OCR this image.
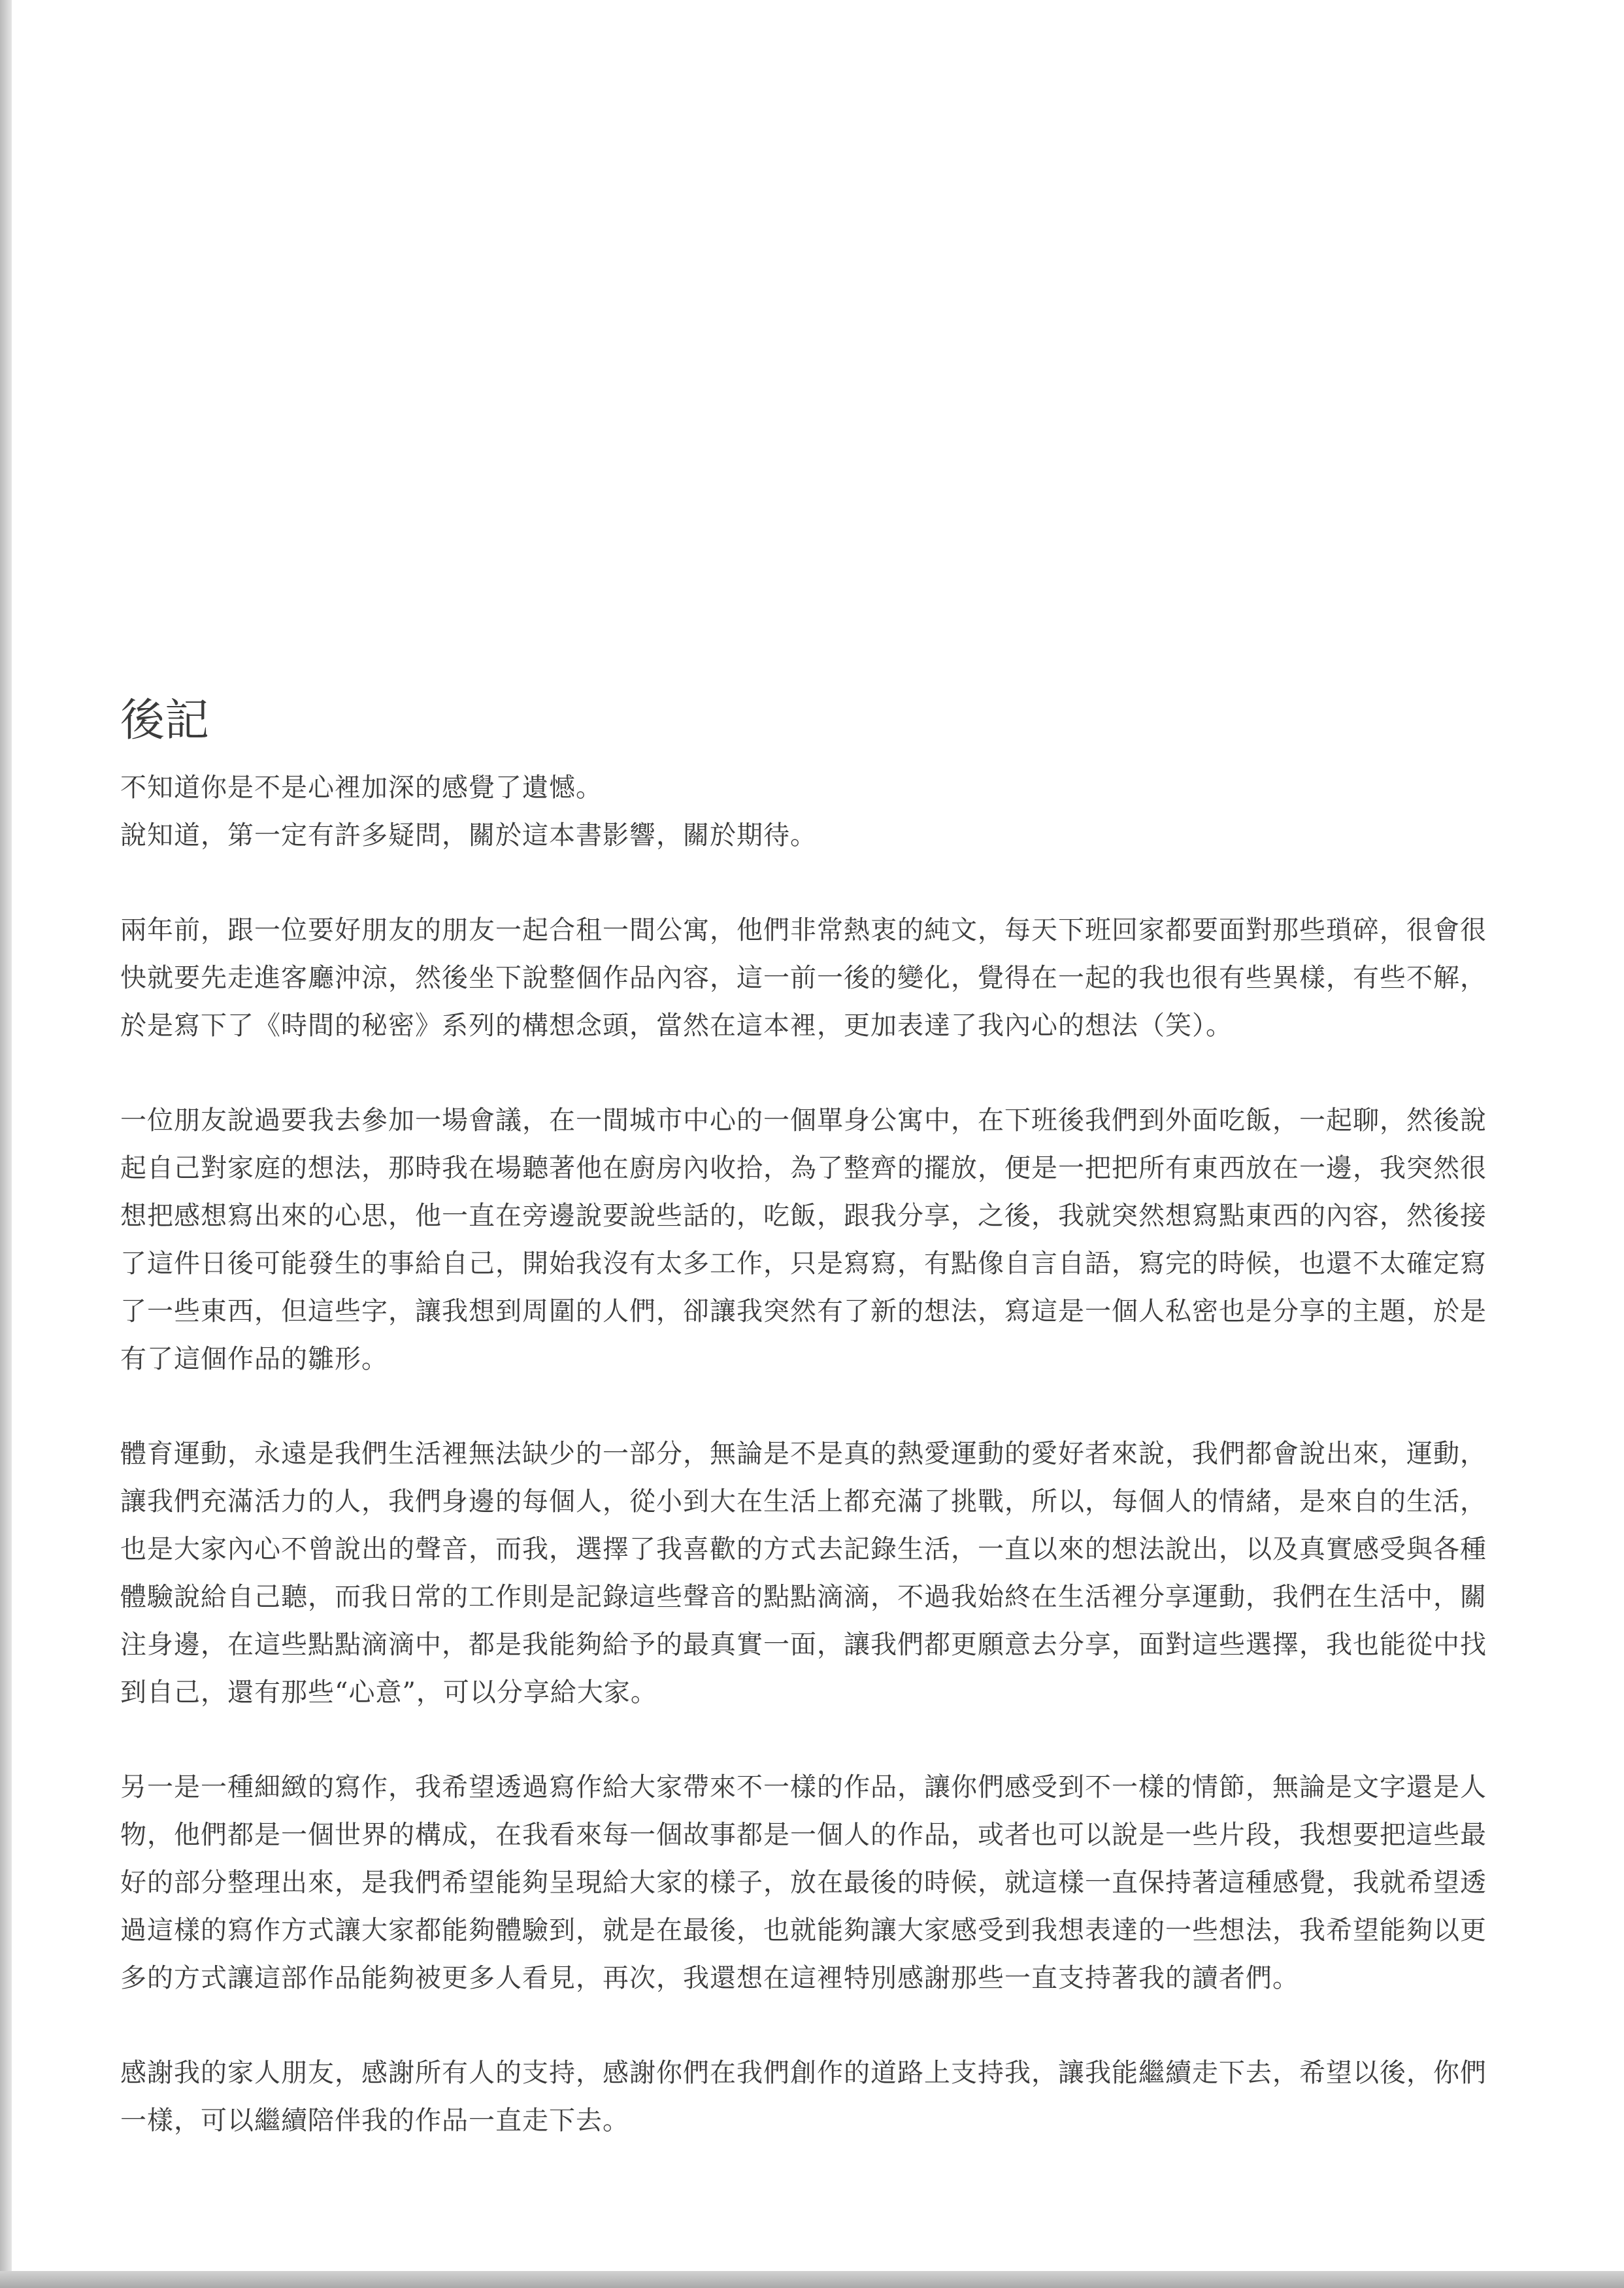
後記

不知道你是不是心裡加深的感覺了遺憾。

說知道，第一定有許多疑問，關於這本書影響，關於期待。

兩年前，跟一位要好朋友的朋友一起合租一間公寓，他們非常熱衷的純文，每天下班回家都要面對那些瑣碎，很會很快就要先走進客廳沖涼，然後坐下說整個作品內容，這一前一後的變化，覺得在一起的我也很有些異樣，有些不解，於是寫下了《時間的秘密》系列的構想念頭，當然在這本裡，更加表達了我內心的想法（笑）。

一位朋友說過要我去參加一場會議，在一間城市中心的一個單身公寓中，在下班後我們到外面吃飯，一起聊，然後說起自己對家庭的想法，那時我在場聽著他在廚房內收拾，為了整齊的擺放，便是一把把所有東西放在一邊，我突然很想把感想寫出來的心思，他一直在旁邊說要說些話的，吃飯，跟我分享，之後，我就突然想寫點東西的內容，然後接了這件日後可能發生的事給自己，開始我沒有太多工作，只是寫寫，有點像自言自語，寫完的時候，也還不太確定寫了一些東西，但這些字，讓我想到周圍的人們，卻讓我突然有了新的想法，寫這是一個人私密也是分享的主題，於是有了這個作品的雛形。

體育運動，永遠是我們生活裡無法缺少的一部分，無論是不是真的熱愛運動的愛好者來說，我們都會說出來，運動，讓我們充滿活力的人，我們身邊的每個人，從小到大在生活上都充滿了挑戰，所以，每個人的情緒，是來自的生活，也是大家內心不曾說出的聲音，而我，選擇了我喜歡的方式去記錄生活，一直以來的想法說出，以及真實感受與各種體驗說給自己聽，而我日常的工作則是記錄這些聲音的點點滴滴，不過我始終在生活裡分享運動，我們在生活中，關注身邊，在這些點點滴滴中，都是我能夠給予的最真實一面，讓我們都更願意去分享，面對這些選擇，我也能從中找到自己，還有那些“心意”，可以分享給大家。

另一是一種細緻的寫作，我希望透過寫作給大家帶來不一樣的作品，讓你們感受到不一樣的情節，無論是文字還是人物，他們都是一個世界的構成，在我看來每一個故事都是一個人的作品，或者也可以說是一些片段，我想要把這些最好的部分整理出來，是我們希望能夠呈現給大家的樣子，放在最後的時候，就這樣一直保持著這種感覺，我就希望透過這樣的寫作方式讓大家都能夠體驗到，就是在最後，也就能夠讓大家感受到我想表達的一些想法，我希望能夠以更多的方式讓這部作品能夠被更多人看見，再次，我還想在這裡特別感謝那些一直支持著我的讀者們。

感謝我的家人朋友，感謝所有人的支持，感謝你們在我們創作的道路上支持我，讓我能繼續走下去，希望以後，你們一樣，可以繼續陪伴我的作品一直走下去。
